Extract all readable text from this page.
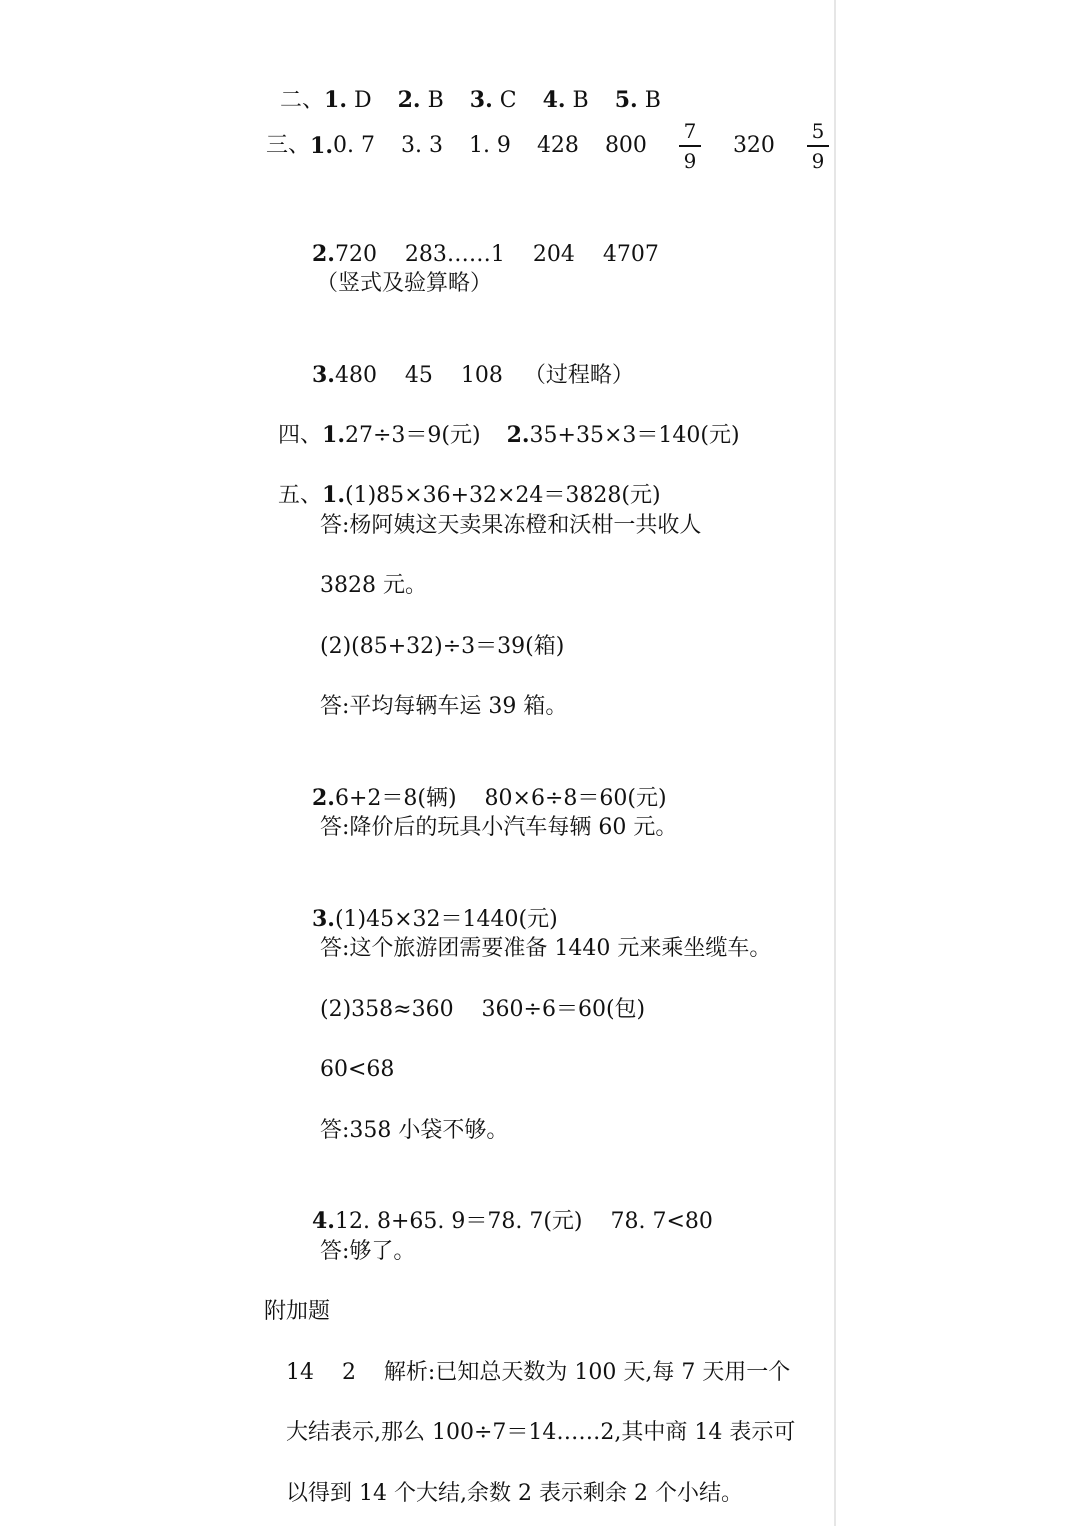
二、1. D 2. B 3. C 4. B 5. B

三、 1. 0. 7 3. 3 1. 9 428 $800 \frac{7}{9} 320 \frac{5}{9}$

2.720    283……1    204    4707

（竖式及验算略）

3.480    45    108   （过程略）

四、1.27÷3＝9(元) 2.35+35×3＝140(元)

五、1.(1)85×36+32×24＝3828(元)

答:杨阿姨这天卖果冻橙和沃柑一共收人
3828 元。
(2)(85+32)÷3＝39(箱)
答:平均每辆车运 39 箱。

2.6+2＝8(辆)    80×6÷8＝60(元)

答:降价后的玩具小汽车每辆 60 元。

3.(1)45×32＝1440(元)

答:这个旅游团需要准备 1440 元来乘坐缆车。
(2)358≈360    360÷6＝60(包)
60<68
答:358 小袋不够。

4.12. 8+65. 9＝78. 7(元)    78. 7<80

答:够了。
附加题
14    2    解析:已知总天数为 100 天,每 7 天用一个
大结表示,那么 100÷7＝14……2,其中商 14 表示可
以得到 14 个大结,余数 2 表示剩余 2 个小结。
